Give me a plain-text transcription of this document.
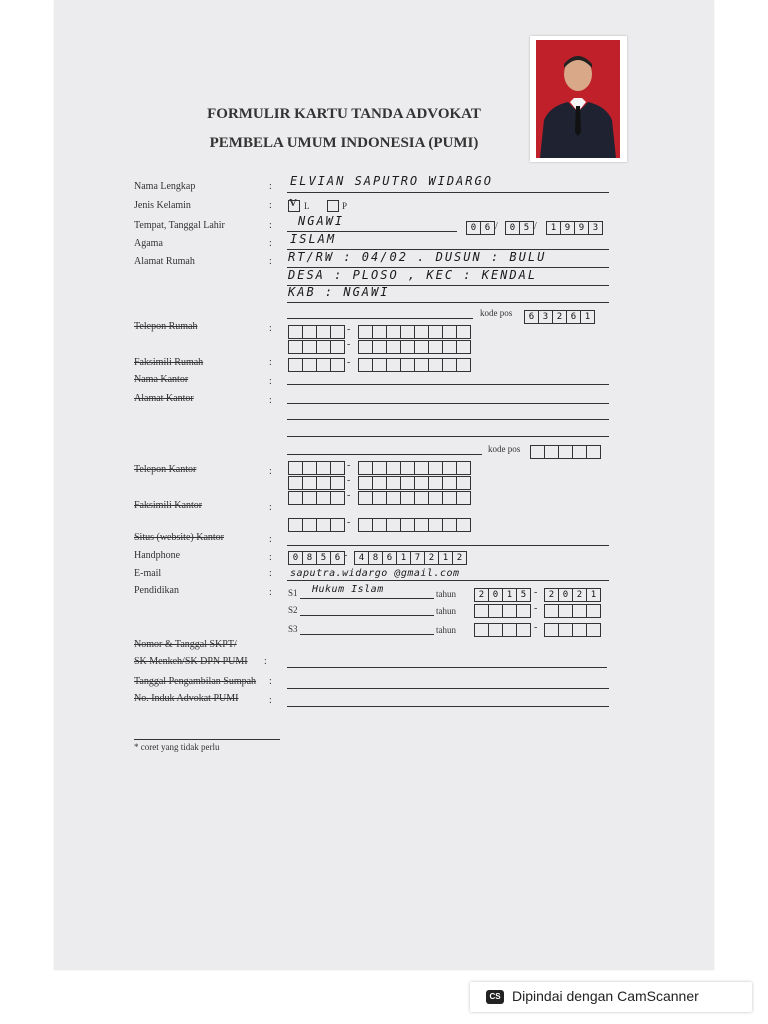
FORMULIR KARTU TANDA ADVOKAT
PEMBELA UMUM INDONESIA (PUMI)
Nama Lengkap	: ELVIAN SAPUTRO WIDARGO
Jenis Kelamin	: V L	P
Tempat, Tanggal Lahir	: NGAWI	0 6 /	0 5 /	1 9 9 3
Agama	: ISLAM
Alamat Rumah	: RT/RW : 04/02 . DUSUN : BULU
DESA : PLOSO , KEC : KENDAL
KAB : NGAWI
kode pos	6 3 2 6 1
Telepon Rumah	:	-
-
Faksimili Rumah	:	-
Nama Kantor	:
Alamat Kantor	:
kode pos
Telepon Kantor	:
-
-
-
Faksimili Kantor	:
-
Situs (website) Kantor	:
Handphone	:	0 8 5 6 -	4 8 6 1 7 2 1 2
E-mail	: saputra.widargo @gmail.com
Pendidikan	: S1 Hukum Islam	tahun	2 0 1 5 -	2 0 2 1
S2	tahun	-
S3	tahun	-
Nomor & Tanggal SKPT/
SK Menkeh/SK DPN PUMI :
Tanggal Pengambilan Sumpah :
No. Induk Advokat PUMI	:
* coret yang tidak perlu
CS Dipindai dengan CamScanner
